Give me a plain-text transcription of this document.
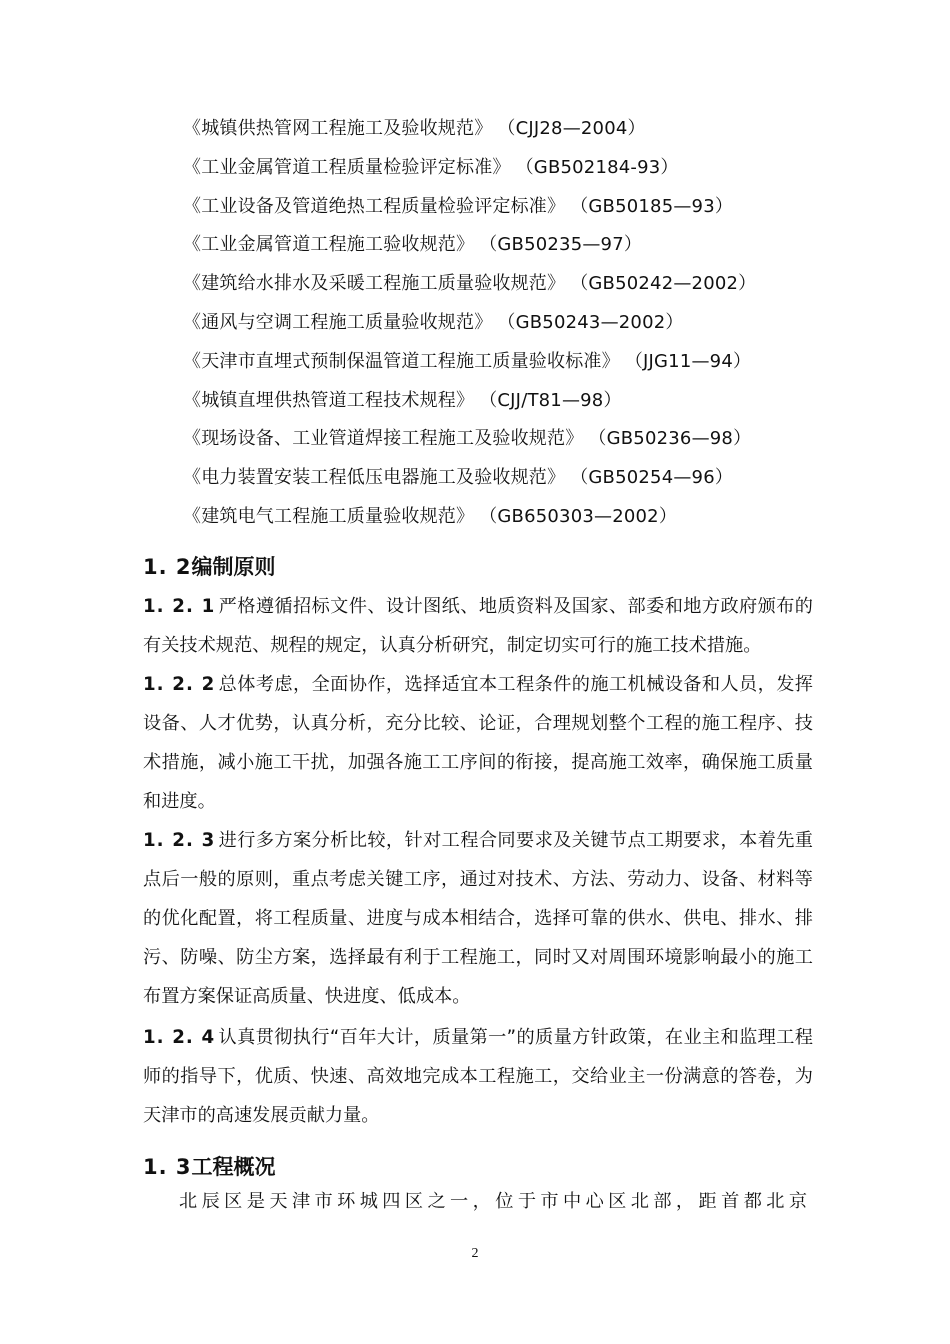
《城镇供热管网工程施工及验收规范》 （CJJ28—2004）
《工业金属管道工程质量检验评定标准》 （GB502184-93）
《工业设备及管道绝热工程质量检验评定标准》 （GB50185—93）
《工业金属管道工程施工验收规范》 （GB50235—97）
《建筑给水排水及采暖工程施工质量验收规范》 （GB50242—2002）
《通风与空调工程施工质量验收规范》 （GB50243—2002）
《天津市直埋式预制保温管道工程施工质量验收标准》 （JJG11—94）
《城镇直埋供热管道工程技术规程》 （CJJ/T81—98）
《现场设备、工业管道焊接工程施工及验收规范》 （GB50236—98）
《电力装置安装工程低压电器施工及验收规范》 （GB50254—96）
《建筑电气工程施工质量验收规范》 （GB650303—2002）
1. 2编制原则
1. 2. 1 严格遵循招标文件、设计图纸、地质资料及国家、部委和地方政府颁布的有关技术规范、规程的规定，认真分析研究，制定切实可行的施工技术措施。
1. 2. 2 总体考虑，全面协作，选择适宜本工程条件的施工机械设备和人员，发挥设备、人才优势，认真分析，充分比较、论证，合理规划整个工程的施工程序、技术措施，减小施工干扰，加强各施工工序间的衔接，提高施工效率，确保施工质量和进度。
1. 2. 3 进行多方案分析比较，针对工程合同要求及关键节点工期要求，本着先重点后一般的原则，重点考虑关键工序，通过对技术、方法、劳动力、设备、材料等的优化配置，将工程质量、进度与成本相结合，选择可靠的供水、供电、排水、排污、防噪、防尘方案，选择最有利于工程施工，同时又对周围环境影响最小的施工布置方案保证高质量、快进度、低成本。
1. 2. 4 认真贯彻执行“百年大计，质量第一”的质量方针政策，在业主和监理工程师的指导下，优质、快速、高效地完成本工程施工，交给业主一份满意的答卷，为天津市的高速发展贡献力量。
1. 3工程概况
北辰区是天津市环城四区之一，位于市中心区北部，距首都北京
2
